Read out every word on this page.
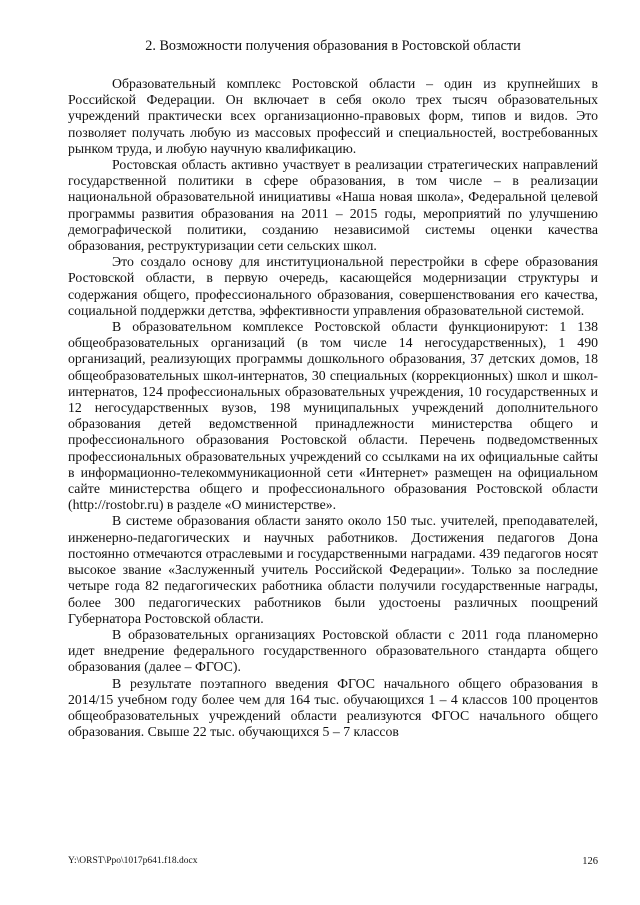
2. Возможности получения образования в Ростовской области

Образовательный комплекс Ростовской области – один из крупнейших в Российской Федерации. Он включает в себя около трех тысяч образовательных учреждений практически всех организационно-правовых форм, типов и видов. Это позволяет получать любую из массовых профессий и специальностей, востребованных рынком труда, и любую научную квалификацию.

Ростовская область активно участвует в реализации стратегических направлений государственной политики в сфере образования, в том числе – в реализации национальной образовательной инициативы «Наша новая школа», Федеральной целевой программы развития образования на 2011 – 2015 годы, мероприятий по улучшению демографической политики, созданию независимой системы оценки качества образования, реструктуризации сети сельских школ.

Это создало основу для институциональной перестройки в сфере образования Ростовской области, в первую очередь, касающейся модернизации структуры и содержания общего, профессионального образования, совершенствования его качества, социальной поддержки детства, эффективности управления образовательной системой.

В образовательном комплексе Ростовской области функционируют: 1 138 общеобразовательных организаций (в том числе 14 негосударственных), 1 490 организаций, реализующих программы дошкольного образования, 37 детских домов, 18 общеобразовательных школ-интернатов, 30 специальных (коррекционных) школ и школ-интернатов, 124 профессиональных образовательных учреждения, 10 государственных и 12 негосударственных вузов, 198 муниципальных учреждений дополнительного образования детей ведомственной принадлежности министерства общего и профессионального образования Ростовской области. Перечень подведомственных профессиональных образовательных учреждений со ссылками на их официальные сайты в информационно-телекоммуникационной сети «Интернет» размещен на официальном сайте министерства общего и профессионального образования Ростовской области (http://rostobr.ru) в разделе «О министерстве».

В системе образования области занято около 150 тыс. учителей, преподавателей, инженерно-педагогических и научных работников. Достижения педагогов Дона постоянно отмечаются отраслевыми и государственными наградами. 439 педагогов носят высокое звание «Заслуженный учитель Российской Федерации». Только за последние четыре года 82 педагогических работника области получили государственные награды, более 300 педагогических работников были удостоены различных поощрений Губернатора Ростовской области.

В образовательных организациях Ростовской области с 2011 года планомерно идет внедрение федерального государственного образовательного стандарта общего образования (далее – ФГОС).

В результате поэтапного введения ФГОС начального общего образования в 2014/15 учебном году более чем для 164 тыс. обучающихся 1 – 4 классов 100 процентов общеобразовательных учреждений области реализуются ФГОС начального общего образования. Свыше 22 тыс. обучающихся 5 – 7 классов

Y:\ORST\Ppo\1017p641.f18.docx	126
